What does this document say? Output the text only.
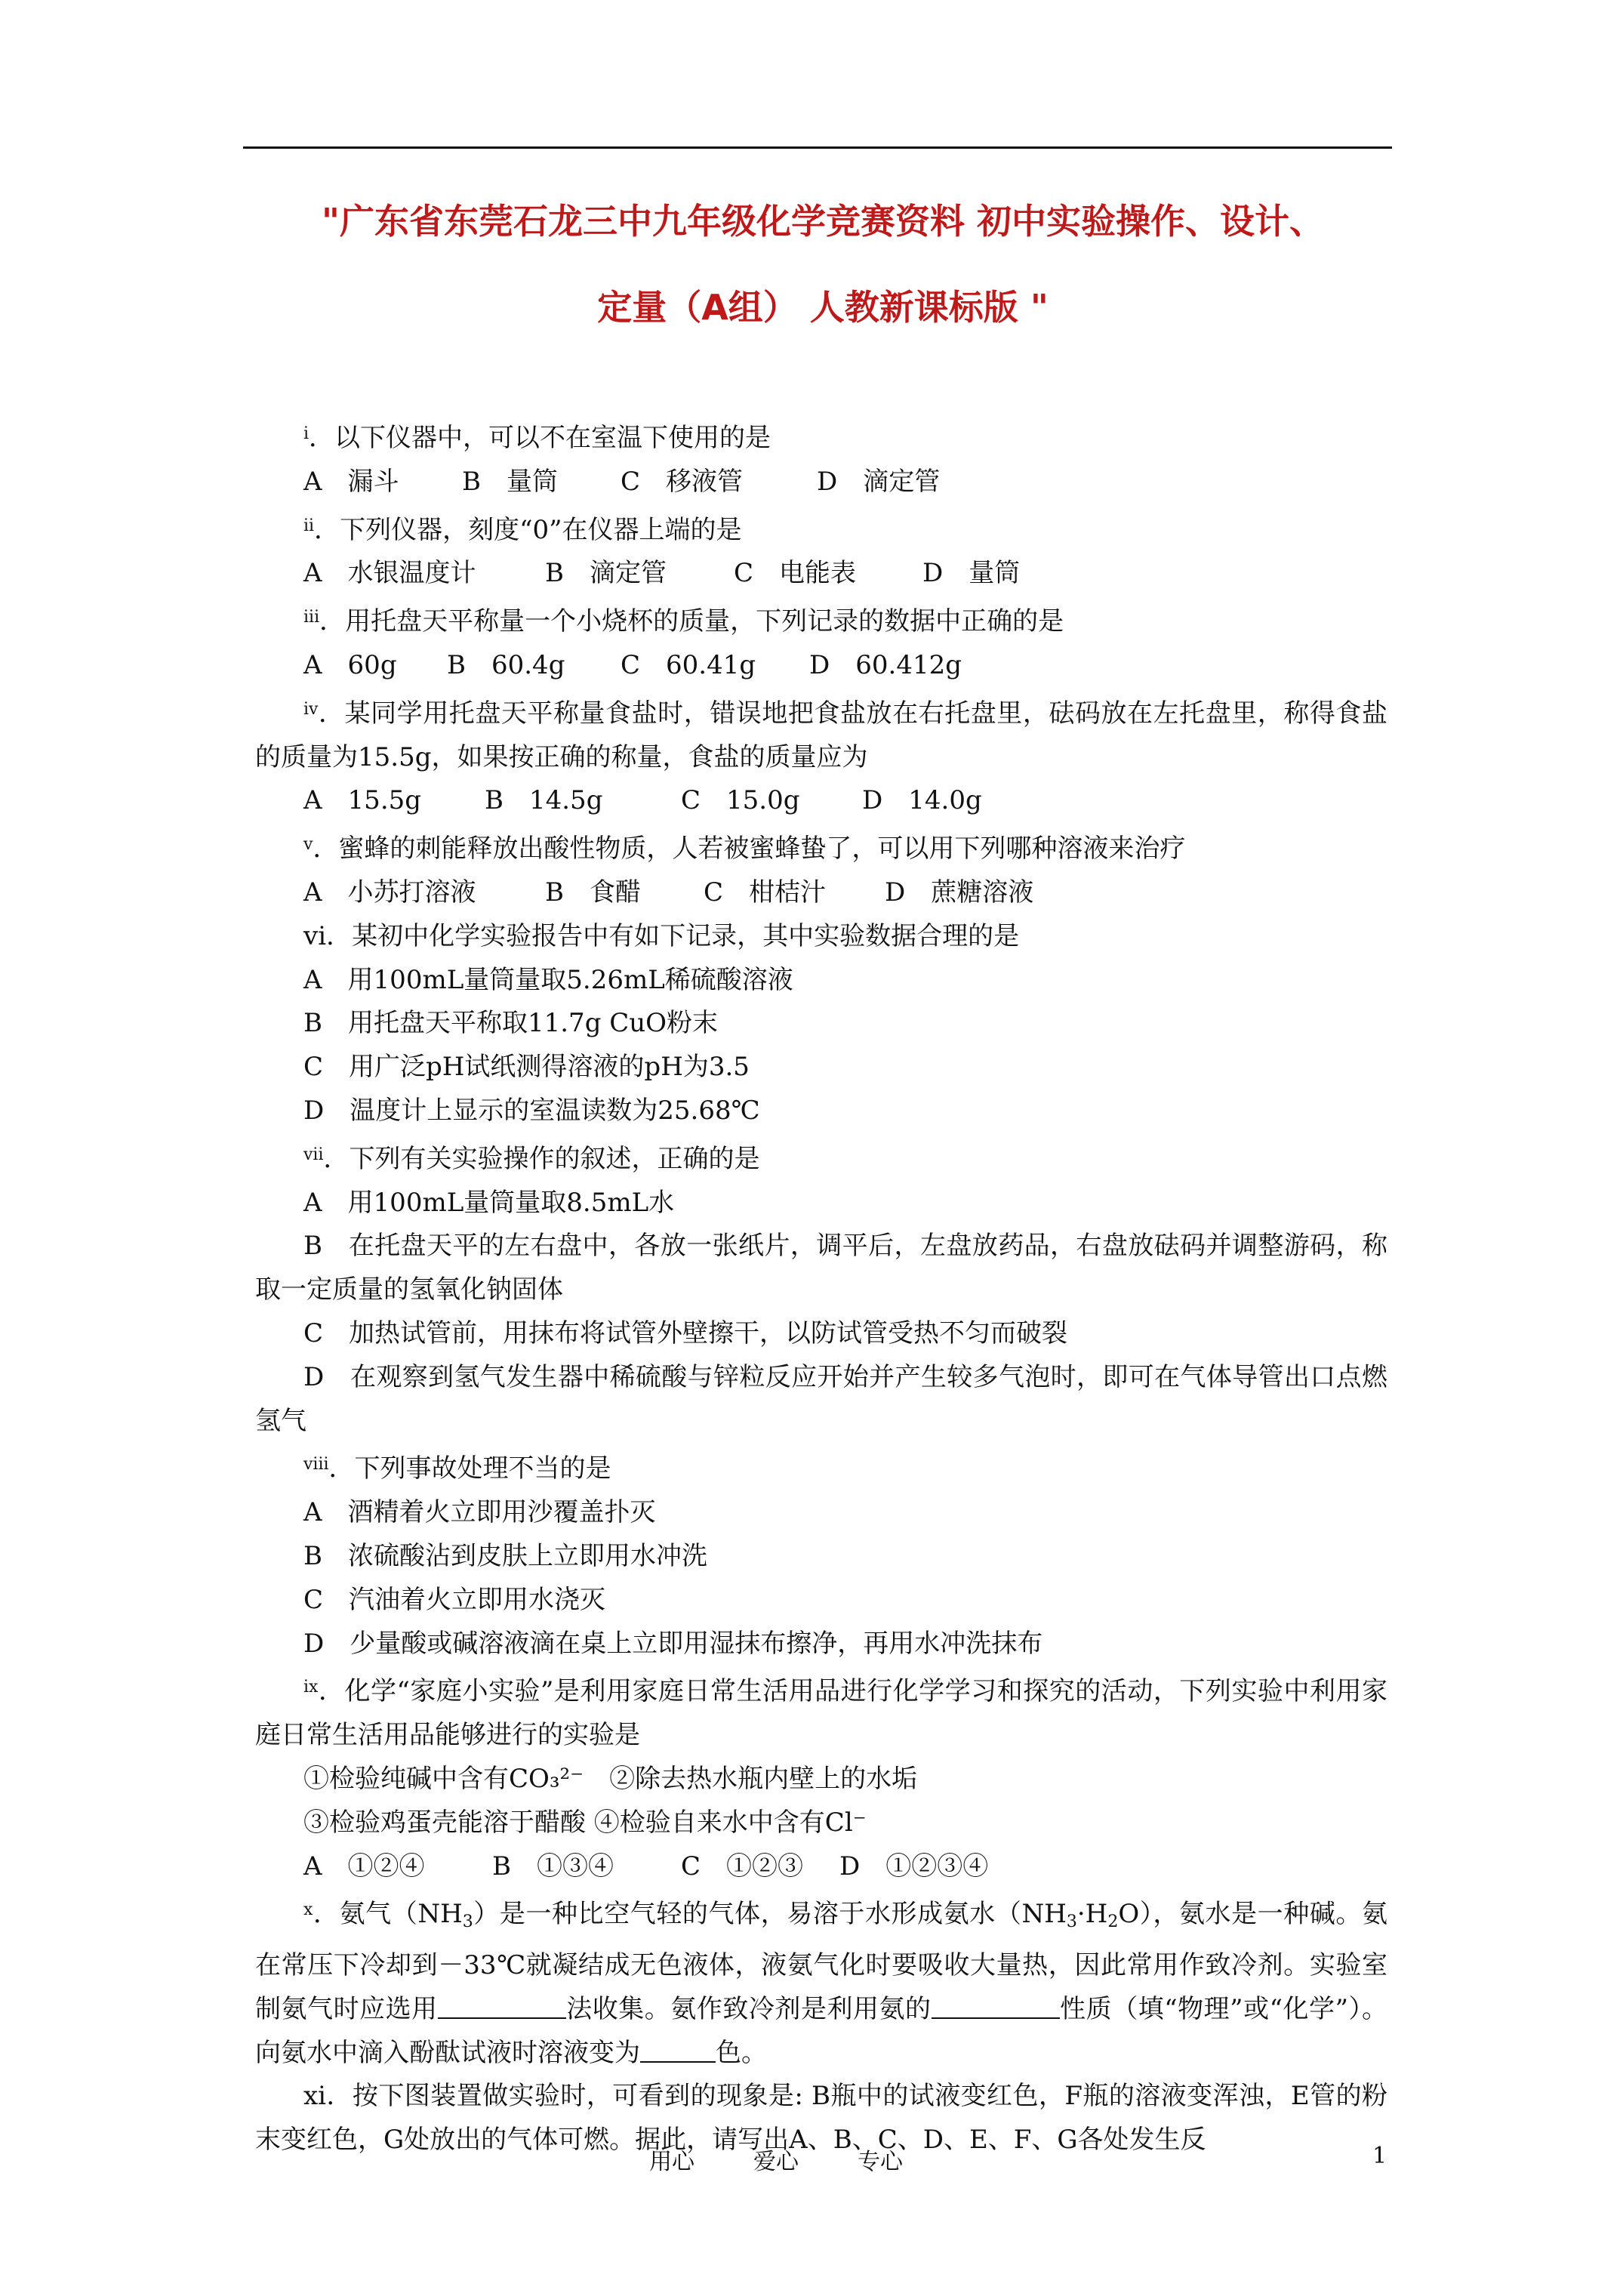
"广东省东莞石龙三中九年级化学竞赛资料 初中实验操作、设计、
定量（A组） 人教新课标版 "

$^i$．以下仪器中，可以不在室温下使用的是

A　漏斗 B　量筒 C　移液管	D　滴定管

$^{ii}$．下列仪器，刻度“0”在仪器上端的是

A　水银温度计	B　滴定管	C　电能表	D　量筒

$^{iii}$．用托盘天平称量一个小烧杯的质量，下列记录的数据中正确的是

A　60g B　60.4g C　60.41g D　60.412g

$^{iv}$．某同学用托盘天平称量食盐时，错误地把食盐放在右托盘里，砝码放在左托盘里，称得食盐的质量为15.5g，如果按正确的称量，食盐的质量应为

A　15.5g B　14.5g	C　15.0g D　14.0g

$^v$．蜜蜂的刺能释放出酸性物质，人若被蜜蜂蛰了，可以用下列哪种溶液来治疗

A　小苏打溶液	B　食醋 C　柑桔汁 D　蔗糖溶液

vi．某初中化学实验报告中有如下记录，其中实验数据合理的是

A　用100mL量筒量取5.26mL稀硫酸溶液

B　用托盘天平称取11.7g CuO粉末

C　用广泛pH试纸测得溶液的pH为3.5

D　温度计上显示的室温读数为25.68℃

$^{vii}$．下列有关实验操作的叙述，正确的是

A　用100mL量筒量取8.5mL水

B　在托盘天平的左右盘中，各放一张纸片，调平后，左盘放药品，右盘放砝码并调整游码，称取一定质量的氢氧化钠固体

C　加热试管前，用抹布将试管外壁擦干，以防试管受热不匀而破裂

D　在观察到氢气发生器中稀硫酸与锌粒反应开始并产生较多气泡时，即可在气体导管出口点燃氢气

$^{viii}$．下列事故处理不当的是

A　酒精着火立即用沙覆盖扑灭

B　浓硫酸沾到皮肤上立即用水冲洗

C　汽油着火立即用水浇灭

D　少量酸或碱溶液滴在桌上立即用湿抹布擦净，再用水冲洗抹布

$^{ix}$．化学“家庭小实验”是利用家庭日常生活用品进行化学学习和探究的活动，下列实验中利用家庭日常生活用品能够进行的实验是

①检验纯碱中含有CO₃²⁻　②除去热水瓶内壁上的水垢

③检验鸡蛋壳能溶于醋酸 ④检验自来水中含有Cl⁻

A　①②④	B　①③④	C　①②③ D　①②③④

$^x$．氨气$(NH_3)$是一种比空气轻的气体，易溶于水形成氨水$(NH_3\cdot H_2O)$，氨水是一种碱。氨在常压下冷却到－33℃就凝结成无色液体，液氨气化时要吸收大量热，因此常用作致冷剂。实验室制氨气时应选用	法收集。氨作致冷剂是利用氨的	性质（填“物理”或“化学”）。向氨水中滴入酚酞试液时溶液变为	色。

xi．按下图装置做实验时，可看到的现象是: B瓶中的试液变红色，F瓶的溶液变浑浊，E管的粉末变红色，G处放出的气体可燃。据此，请写出A、B、C、D、E、F、G各处发生反

用心	爱心	专心	1
